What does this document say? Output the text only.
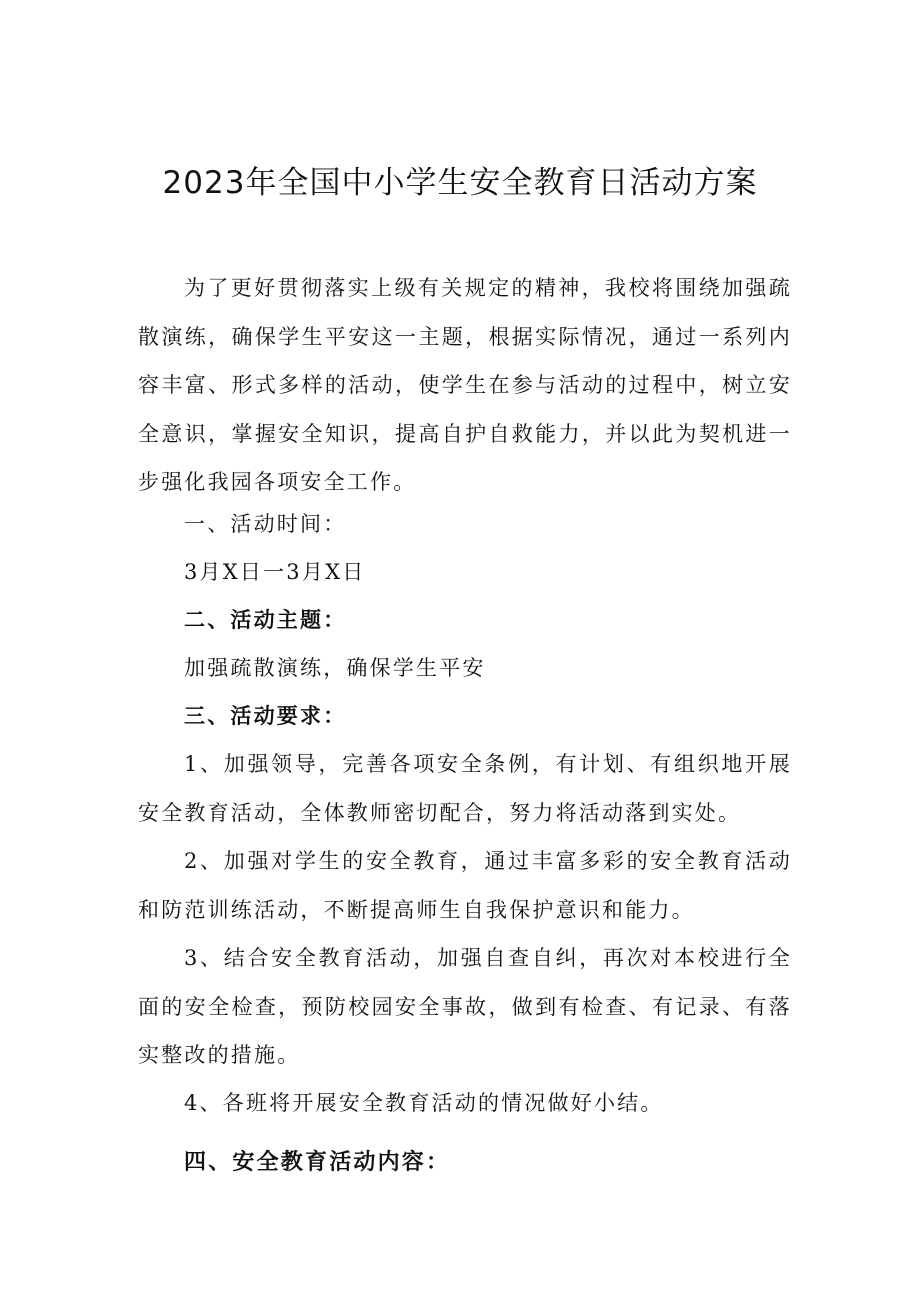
2023年全国中小学生安全教育日活动方案

为了更好贯彻落实上级有关规定的精神，我校将围绕加强疏散演练，确保学生平安这一主题，根据实际情况，通过一系列内容丰富、形式多样的活动，使学生在参与活动的过程中，树立安全意识，掌握安全知识，提高自护自救能力，并以此为契机进一步强化我园各项安全工作。

一、活动时间：

3月X日一3月X日

二、活动主题：

加强疏散演练，确保学生平安

三、活动要求：

1、加强领导，完善各项安全条例，有计划、有组织地开展安全教育活动，全体教师密切配合，努力将活动落到实处。

2、加强对学生的安全教育，通过丰富多彩的安全教育活动和防范训练活动，不断提高师生自我保护意识和能力。

3、结合安全教育活动，加强自查自纠，再次对本校进行全面的安全检查，预防校园安全事故，做到有检查、有记录、有落实整改的措施。

4、各班将开展安全教育活动的情况做好小结。

四、安全教育活动内容：
